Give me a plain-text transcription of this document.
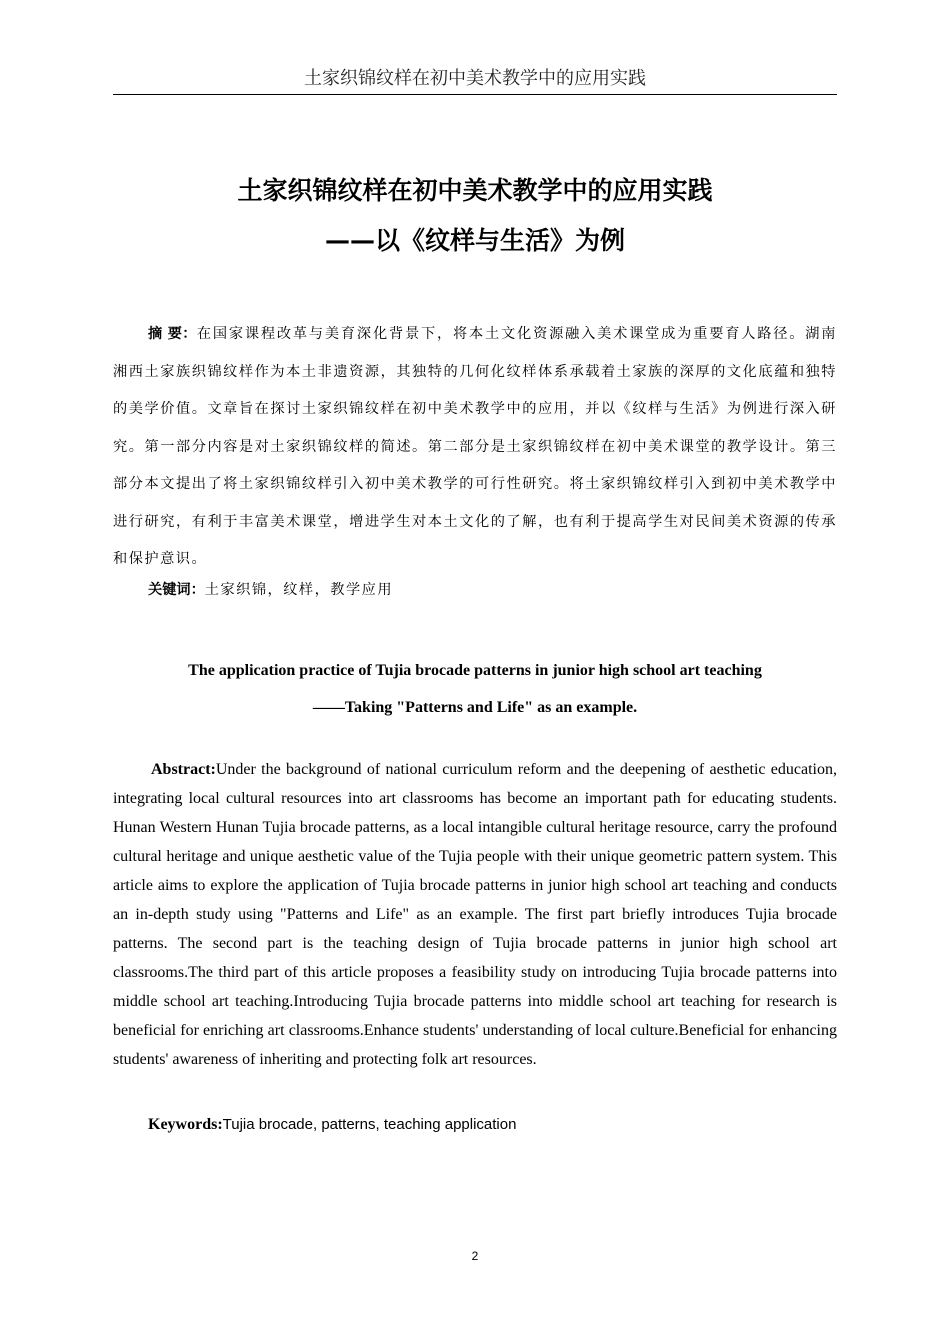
土家织锦纹样在初中美术教学中的应用实践
土家织锦纹样在初中美术教学中的应用实践
——以《纹样与生活》为例
摘 要：在国家课程改革与美育深化背景下，将本土文化资源融入美术课堂成为重要育人路径。湖南湘西土家族织锦纹样作为本土非遗资源，其独特的几何化纹样体系承载着土家族的深厚的文化底蕴和独特的美学价值。文章旨在探讨土家织锦纹样在初中美术教学中的应用，并以《纹样与生活》为例进行深入研究。第一部分内容是对土家织锦纹样的简述。第二部分是土家织锦纹样在初中美术课堂的教学设计。第三部分本文提出了将土家织锦纹样引入初中美术教学的可行性研究。将土家织锦纹样引入到初中美术教学中进行研究，有利于丰富美术课堂，增进学生对本土文化的了解，也有利于提高学生对民间美术资源的传承和保护意识。
关键词：土家织锦，纹样，教学应用
The application practice of Tujia brocade patterns in junior high school art teaching
——Taking "Patterns and Life" as an example.
Abstract:Under the background of national curriculum reform and the deepening of aesthetic education, integrating local cultural resources into art classrooms has become an important path for educating students. Hunan Western Hunan Tujia brocade patterns, as a local intangible cultural heritage resource, carry the profound cultural heritage and unique aesthetic value of the Tujia people with their unique geometric pattern system. This article aims to explore the application of Tujia brocade patterns in junior high school art teaching and conducts an in-depth study using "Patterns and Life" as an example. The first part briefly introduces Tujia brocade patterns. The second part is the teaching design of Tujia brocade patterns in junior high school art classrooms.The third part of this article proposes a feasibility study on introducing Tujia brocade patterns into middle school art teaching.Introducing Tujia brocade patterns into middle school art teaching for research is beneficial for enriching art classrooms.Enhance students' understanding of local culture.Beneficial for enhancing students' awareness of inheriting and protecting folk art resources.
Keywords:Tujia brocade, patterns, teaching application
2
